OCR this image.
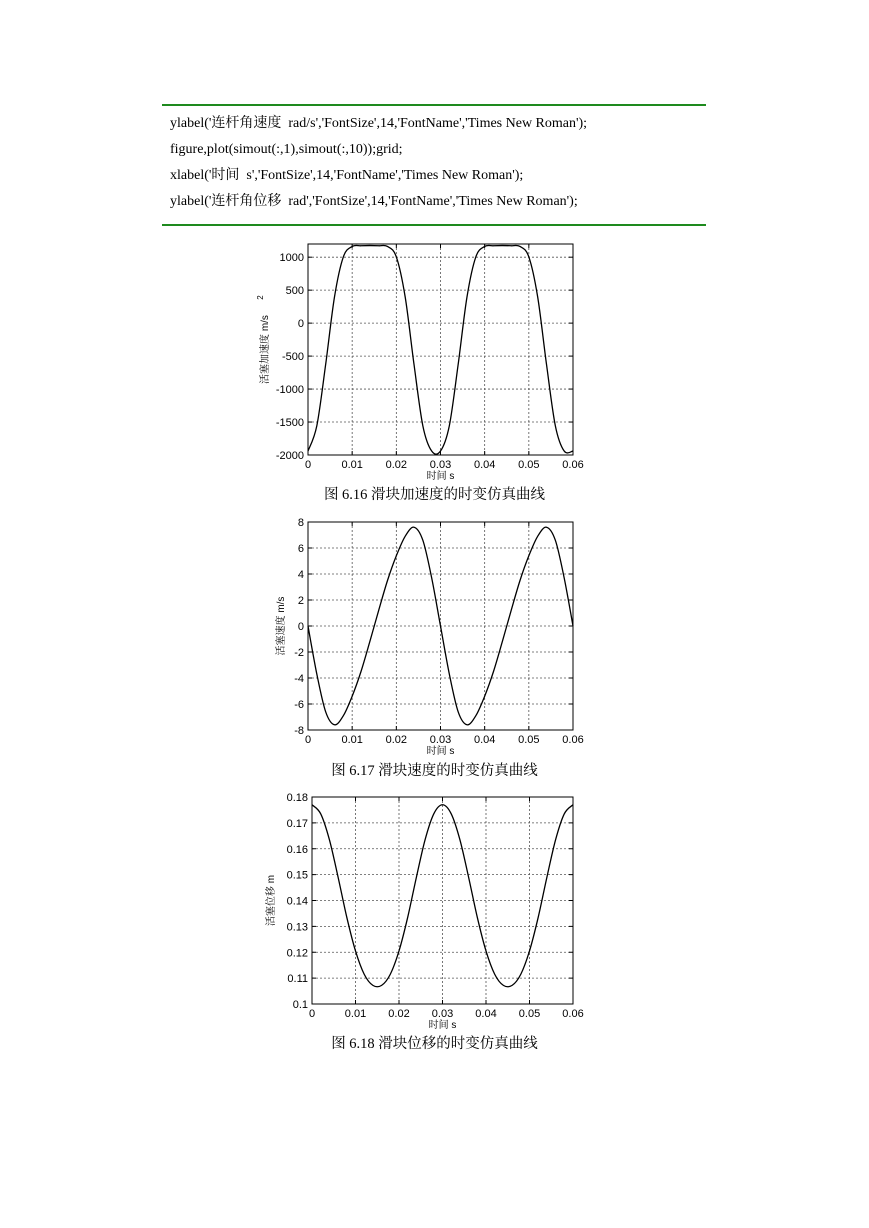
ylabel('连杆角速度  rad/s','FontSize',14,'FontName','Times New Roman');
figure,plot(simout(:,1),simout(:,10));grid;
xlabel('时间  s','FontSize',14,'FontName','Times New Roman');
ylabel('连杆角位移  rad','FontSize',14,'FontName','Times New Roman');
0	0.01 0.02 0.03 0.04 0.05 0.06
-2000
-1500
-1000
-500
0
500
1000
时间 s
活塞加速度 m/s
2
图 6.16 滑块加速度的时变仿真曲线
0	0.01 0.02 0.03 0.04 0.05 0.06
-8
-6
-4
-2
0
2
4
6
8
时间 s
活塞速度 m/s
图 6.17 滑块速度的时变仿真曲线
0	0.01 0.02 0.03 0.04 0.05 0.06
0.1
0.11
0.12
0.13
0.14
0.15
0.16
0.17
0.18
时间 s
活塞位移 m
图 6.18 滑块位移的时变仿真曲线
